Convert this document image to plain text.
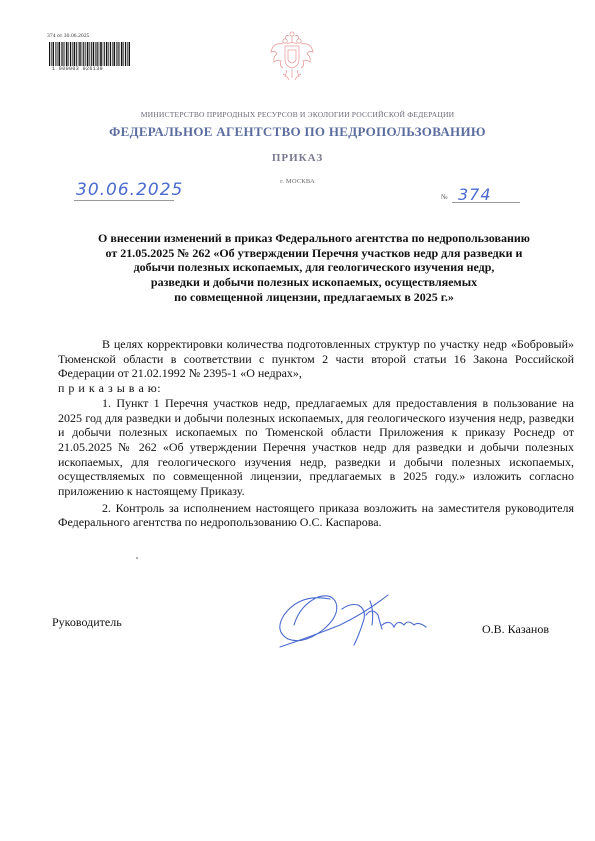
374 от 30.06.2025
1 000003 026139
МИНИСТЕРСТВО ПРИРОДНЫХ РЕСУРСОВ И ЭКОЛОГИИ РОССИЙСКОЙ ФЕДЕРАЦИИ
ФЕДЕРАЛЬНОЕ АГЕНТСТВО ПО НЕДРОПОЛЬЗОВАНИЮ
ПРИКАЗ
30.06.2025	г. МОСКВА
№ 374
О внесении изменений в приказ Федерального агентства по недропользованию
от 21.05.2025 № 262 «Об утверждении Перечня участков недр для разведки и
добычи полезных ископаемых, для геологического изучения недр,
разведки и добычи полезных ископаемых, осуществляемых
по совмещенной лицензии, предлагаемых в 2025 г.»

В целях корректировки количества подготовленных структур по участку недр «Бобровый» Тюменской области в соответствии с пунктом 2 части второй статьи 16 Закона Российской Федерации от 21.02.1992 № 2395-1 «О недрах»,

п р и к а з ы в а ю:

1. Пункт 1 Перечня участков недр, предлагаемых для предоставления в пользование на 2025 год для разведки и добычи полезных ископаемых, для геологического изучения недр, разведки и добычи полезных ископаемых по Тюменской области Приложения к приказу Роснедр от 21.05.2025 № 262 «Об утверждении Перечня участков недр для разведки и добычи полезных ископаемых, для геологического изучения недр, разведки и добычи полезных ископаемых, осуществляемых по совмещенной лицензии, предлагаемых в 2025 году.» изложить согласно приложению к настоящему Приказу.

2. Контроль за исполнением настоящего приказа возложить на заместителя руководителя Федерального агентства по недропользованию О.С. Каспарова.

Руководитель	О.В. Казанов
